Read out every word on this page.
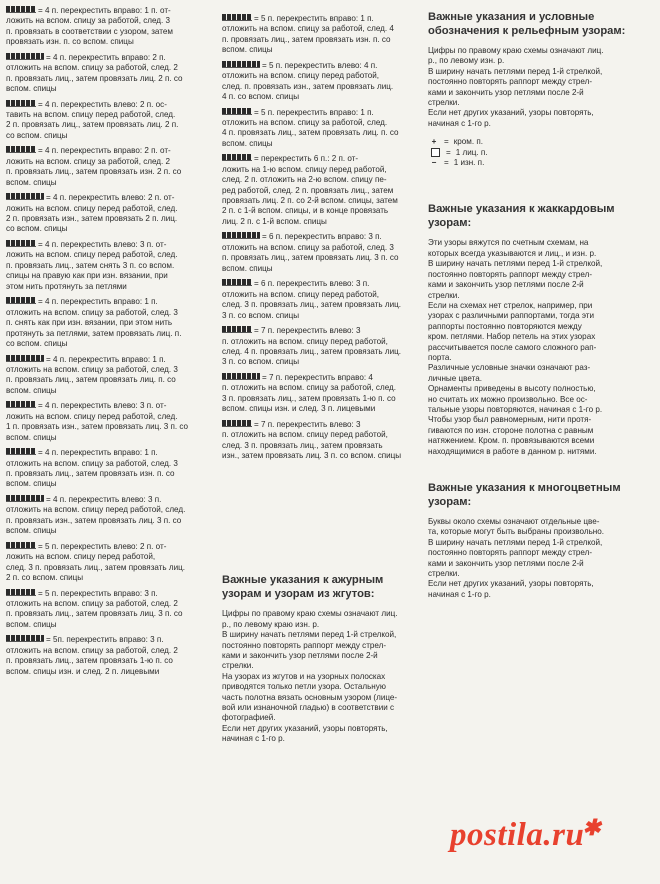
= 4 п. перекрестить вправо: 1 п. от-
ложить на вспом. спицу за работой, след. 3
п. провязать в соответствии с узором, затем
провязать изн. п. со вспом. спицы
= 4 п. перекрестить вправо: 2 п.
отложить на вспом. спицу за работой, след. 2
п. провязать лиц., затем провязать лиц. 2 п. со
вспом. спицы
= 4 п. перекрестить влево: 2 п. ос-
тавить на вспом. спицу перед работой, след.
2 п. провязать лиц., затем провязать лиц. 2 п.
со вспом. спицы
= 4 п. перекрестить вправо: 2 п. от-
ложить на вспом. спицу за работой, след. 2
п. провязать лиц., затем провязать изн. 2 п. со
вспом. спицы
= 4 п. перекрестить влево: 2 п. от-
ложить на вспом. спицу перед работой, след.
2 п. провязать изн., затем провязать 2 п. лиц.
со вспом. спицы
= 4 п. перекрестить влево: 3 п. от-
ложить на вспом. спицу перед работой, след.
п. провязать лиц., затем снять 3 п. со вспом.
спицы на правую как при изн. вязании, при
этом нить протянуть за петлями
= 4 п. перекрестить вправо: 1 п.
отложить на вспом. спицу за работой, след. 3
п. снять как при изн. вязании, при этом нить
протянуть за петлями, затем провязать лиц. п.
со вспом. спицы
= 4 п. перекрестить вправо: 1 п.
отложить на вспом. спицу за работой, след. 3
п. провязать лиц., затем провязать лиц. п. со
вспом. спицы
= 4 п. перекрестить влево: 3 п. от-
ложить на вспом. спицу перед работой, след.
1 п. провязать изн., затем провязать лиц. 3 п. со
вспом. спицы
= 4 п. перекрестить вправо: 1 п.
отложить на вспом. спицу за работой, след. 3
п. провязать лиц., затем провязать изн. п. со
вспом. спицы
= 4 п. перекрестить влево: 3 п.
отложить на вспом. спицу перед работой, след.
п. провязать изн., затем провязать лиц. 3 п. со
вспом. спицы
= 5 п. перекрестить влево: 2 п. от-
ложить на вспом. спицу перед работой,
след. 3 п. провязать лиц., затем провязать лиц.
2 п. со вспом. спицы
= 5 п. перекрестить вправо: 3 п.
отложить на вспом. спицу за работой, след. 2
п. провязать лиц., затем провязать лиц. 3 п. со
вспом. спицы
= 5п. перекрестить вправо: 3 п.
отложить на вспом. спицу за работой, след. 2
п. провязать лиц., затем провязать 1-ю п. со
вспом. спицы изн. и след. 2 п. лицевыми
= 5 п. перекрестить вправо: 1 п.
отложить на вспом. спицу за работой, след. 4
п. провязать лиц., затем провязать изн. п. со
вспом. спицы
= 5 п. перекрестить влево: 4 п.
отложить на вспом. спицу перед работой,
след. п. провязать изн., затем провязать лиц.
4 п. со вспом. спицы
= 5 п. перекрестить вправо: 1 п.
отложить на вспом. спицу за работой, след.
4 п. провязать лиц., затем провязать лиц. п. со
вспом. спицы
= перекрестить 6 п.: 2 п. от-
ложить на 1-ю вспом. спицу перед работой,
след. 2 п. отложить на 2-ю вспом. спицу пе-
ред работой, след. 2 п. провязать лиц., затем
провязать лиц. 2 п. со 2-й вспом. спицы, затем
2 п. с 1-й вспом. спицы, и в конце провязать
лиц. 2 п. с 1-й вспом. спицы
= 6 п. перекрестить вправо: 3 п.
отложить на вспом. спицу за работой, след. 3
п. провязать лиц., затем провязать лиц. 3 п. со
вспом. спицы
= 6 п. перекрестить влево: 3 п.
отложить на вспом. спицу перед работой,
след. 3 п. провязать лиц., затем провязать лиц.
3 п. со вспом. спицы
= 7 п. перекрестить влево: 3
п. отложить на вспом. спицу перед работой,
след. 4 п. провязать лиц., затем провязать лиц.
3 п. со вспом. спицы
= 7 п. перекрестить вправо: 4
п. отложить на вспом. спицу за работой, след.
3 п. провязать лиц., затем провязать 1-ю п. со
вспом. спицы изн. и след. 3 п. лицевыми
= 7 п. перекрестить влево: 3
п. отложить на вспом. спицу перед работой,
след. 3 п. провязать лиц., затем провязать
изн., затем провязать лиц. 3 п. со вспом. спицы
Важные указания к ажурным
узорам и узорам из жгутов:
Цифры по правому краю схемы означают лиц.
р., по левому краю изн. р.
В ширину начать петлями перед 1-й стрелкой,
постоянно повторять раппорт между стрел-
ками и закончить узор петлями после 2-й
стрелки.
На узорах из жгутов и на узорных полосках
приводятся только петли узора. Остальную
часть полотна вязать основным узором (лице-
вой или изнаночной гладью) в соответствии с
фотографией.
Если нет других указаний, узоры повторять,
начиная с 1-го р.
Важные указания и условные
обозначения к рельефным узорам:
Цифры по правому краю схемы означают лиц.
р., по левому изн. р.
В ширину начать петлями перед 1-й стрелкой,
постоянно повторять раппорт между стрел-
ками и закончить узор петлями после 2-й
стрелки.
Если нет других указаний, узоры повторять,
начиная с 1-го р.
+ = кром. п.
= 1 лиц. п.
− = 1 изн. п.
Важные указания к жаккардовым
узорам:
Эти узоры вяжутся по счетным схемам, на
которых всегда указываются и лиц., и изн. р.
В ширину начать петлями перед 1-й стрелкой,
постоянно повторять раппорт между стрел-
ками и закончить узор петлями после 2-й
стрелки.
Если на схемах нет стрелок, например, при
узорах с различными раппортами, тогда эти
раппорты постоянно повторяются между
кром. петлями. Набор петель на этих узорах
рассчитывается после самого сложного рап-
порта.
Различные условные значки означают раз-
личные цвета.
Орнаменты приведены в высоту полностью,
но считать их можно произвольно. Все ос-
тальные узоры повторяются, начиная с 1-го р.
Чтобы узор был равномерным, нити протя-
гиваются по изн. стороне полотна с равным
натяжением. Кром. п. провязываются всеми
находящимися в работе в данном р. нитями.
Важные указания к многоцветным
узорам:
Буквы около схемы означают отдельные цве-
та, которые могут быть выбраны произвольно.
В ширину начать петлями перед 1-й стрелкой,
постоянно повторять раппорт между стрел-
ками и закончить узор петлями после 2-й
стрелки.
Если нет других указаний, узоры повторять,
начиная с 1-го р.
postila.ru✱
